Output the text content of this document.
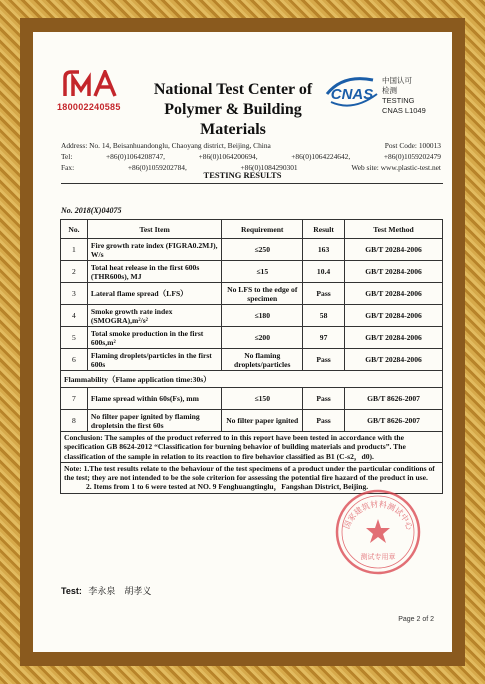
180002240585
National Test Center of
Polymer & Building Materials
CNAS
中国认可
检测
TESTING
CNAS L1049
Address: No. 14, Beisanhuandonglu, Chaoyang district, Beijing, China	Post Code: 100013
Tel:	+86(0)1064208747,	+86(0)1064200694,	+86(0)1064224642,	+86(0)1059202479
Fax:	+86(0)1059202784,	+86(0)1084290301	Web site: www.plastic-test.net
TESTING RESULTS
No. 2018(X)04075
No.	Test Item	Requirement	Result	Test Method
1	Fire growth rate index (FIGRA0.2MJ), W/s	≤250	163	GB/T 20284-2006
2	Total heat release in the first 600s (THR600s), MJ	≤15	10.4	GB/T 20284-2006
3	Lateral flame spread（LFS）	No LFS to the edge of specimen	Pass	GB/T 20284-2006
4	Smoke growth rate index (SMOGRA),m²/s²	≤180	58	GB/T 20284-2006
5	Total smoke production in the first 600s,m²	≤200	97	GB/T 20284-2006
6	Flaming droplets/particles in the first 600s	No flaming droplets/particles	Pass	GB/T 20284-2006
Flammability（Flame application time:30s）				
7	Flame spread within 60s(Fs), mm	≤150	Pass	GB/T 8626-2007
8	No filter paper ignited by flaming dropletsin the first 60s	No filter paper ignited	Pass	GB/T 8626-2007
Conclusion: The samples of the product referred to in this report have been tested in accordance with the specification GB 8624-2012 “Classification for burning behavior of building materials and products”. The classification of the sample in relation to its reaction to fire behavior classified as B1 (C-s2，d0).				

Note: 1.The test results relate to the behaviour of the test specimens of a product under the particular conditions of the test; they are not intended to be the sole criterion for assessing the potential fire hazard of the product in use.
2. Items from 1 to 6 were tested at NO. 9 Fenghuangtinglu，Fangshan District, Beijing.				
国家建筑材料测试中心
测试专用章
Test: 李永泉　胡孝义
Page 2 of 2
